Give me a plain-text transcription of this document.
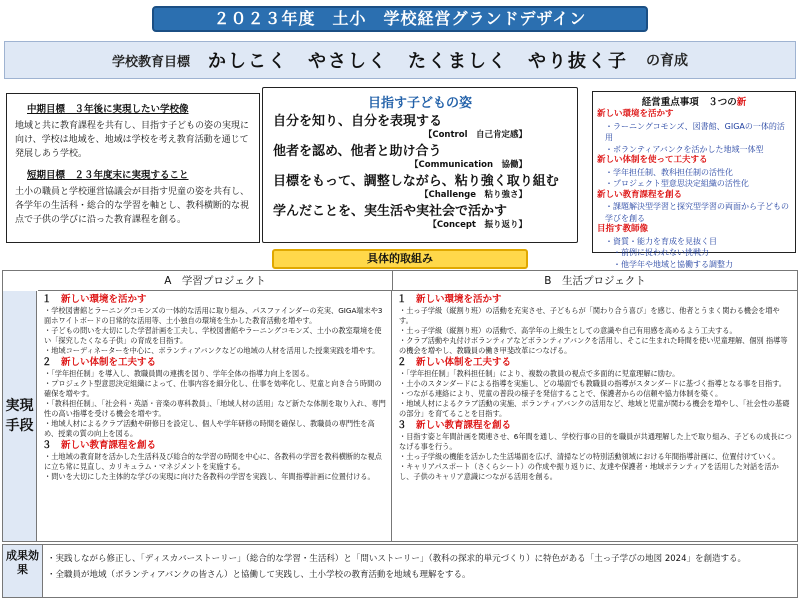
２０２３年度　土小　学校経営グランドデザイン
学校教育目標 かしこく　やさしく　たくましく　やり抜く子 の育成
中期目標　３年後に実現したい学校像
地域と共に教育課程を共有し、目指す子どもの姿の実現に向け、学校は地域を、地域は学校を考え教育活動を通じて発展しあう学校。
短期目標　２３年度末に実現すること
土小の職員と学校運営協議会が目指す児童の姿を共有し、各学年の生活科・総合的な学習を軸とし、教科横断的な視点で子供の学びに沿った教育課程を創る。
目指す子どもの姿
自分を知り、自分を表現する
【Control　自己肯定感】
他者を認め、他者と助け合う
【Communication　協働】
目標をもって、調整しながら、粘り強く取り組む
【Challenge　粘り強さ】
学んだことを、実生活や実社会で活かす
【Concept　振り返り】
経営重点事項　３つの新
新しい環境を活かす
・ラーニングコモンズ、図書館、GIGAの一体的活用
・ボランティアバンクを活かした地域一体型
新しい体制を使って工夫する
・学年担任制、教科担任制の活性化
・プロジェクト型意思決定組織の活性化
新しい教育課程を創る
・課題解決型学習と探究型学習の両面から子どもの学びを創る
目指す教師像
・資質・能力を育成を見抜く目
・前例に捉われない挑戦力
・他学年や地域と協働する調整力
具体的取組み
A　学習プロジェクト	B　生活プロジェクト
実現手段
１　 新しい環境を活かす
・学校図書館とラーニングコモンズの一体的な活用に取り組み、パスファインダーの充実、GIGA端末や3面ホワイトボードの日常的な活用等、土小独自の環境を生かした教育活動を増やす。
・子どもの問いを大切にした学習計画を工夫し、学校図書館やラーニングコモンズ、土小の教室環境を使い「探究したくなる子供」の育成を目指す。
・地域コーディネーターを中心に、ボランティアバンクなどの地域の人材を活用した授業実践を増やす。
２　 新しい体制を工夫する
・「学年担任制」を導入し、教職員間の連携を図り、学年全体の指導力向上を図る。
・プロジェクト型意思決定組織によって、仕事内容を細分化し、仕事を効率化し、児童と向き合う時間の確保を増やす。
・「教科担任制」、「社会科・英語・音楽の専科教員」、「地域人材の活用」など新たな体制を取り入れ、専門性の高い指導を受ける機会を増やす。
・地域人材によるクラブ活動や研修日を設定し、個人や学年研修の時間を確保し、教職員の専門性を高め、授業の質の向上を図る。
３　 新しい教育課程を創る
・土地域の教育財を活かした生活科及び総合的な学習の時間を中心に、各教科の学習を教科横断的な視点に立ち常に見直し、カリキュラム・マネジメントを実施する。
・問いを大切にした主体的な学びの実現に向けた各教科の学習を実践し、年間指導計画に位置付ける。
１　 新しい環境を活かす
・土っ子学級（縦割り班）の活動を充実させ、子どもらが「関わり合う喜び」を感じ、他者とうまく関わる機会を増やす。
・土っ子学級（縦割り班）の活動で、高学年の上級生としての意識や自己有用感を高めるよう工夫する。
・クラブ活動や丸付けボランティアなどボランティアバンクを活用し、そこに生まれた時間を使い児童理解、個別 指導等の機会を増やし、教職員の働き甲斐改革につなげる。
２　 新しい体制を工夫する
・「学年担任制」「教科担任制」により、複数の教員の視点で多面的に児童理解に励む。
・土小のスタンダードによる指導を実施し、どの場面でも教職員の指導がスタンダードに基づく指導となる事を目指す。
・つながる連絡により、児童の普段の様子を発信することで、保護者からの信頼や協力体制を築く。
・地域人材によるクラブ活動の実施、ボランティアバンクの活用など、地域と児童が関わる機会を増やし、「社会性の基礎の部分」を育てることを目指す。
３　 新しい教育課程を創る
・目指す姿と年間計画を関連させ、6年間を通し、学校行事の目的を職員が共通理解した上で取り組み、子どもの成長につなげる事を行う。
・土っ子学級の機能を活かした生活場面を広げ、清掃などの特別活動領域における年間指導計画に、位置付けていく。
・キャリアパスポート（さくらシート）の作成や振り返りに、友達や保護者・地域ボランティアを活用した対話を活かし、子供のキャリア意識につながる活用を創る。
成果効果
・実践しながら修正し、「ディスカバーストーリー」（総合的な学習・生活科）と「問いストーリー」（教科の探求的単元づくり）に特色がある「土っ子学びの地図 2024」を創造する。
・全職員が地域（ボランティアバンクの皆さん）と協働して実践し、土小学校の教育活動を地域も理解をする。
